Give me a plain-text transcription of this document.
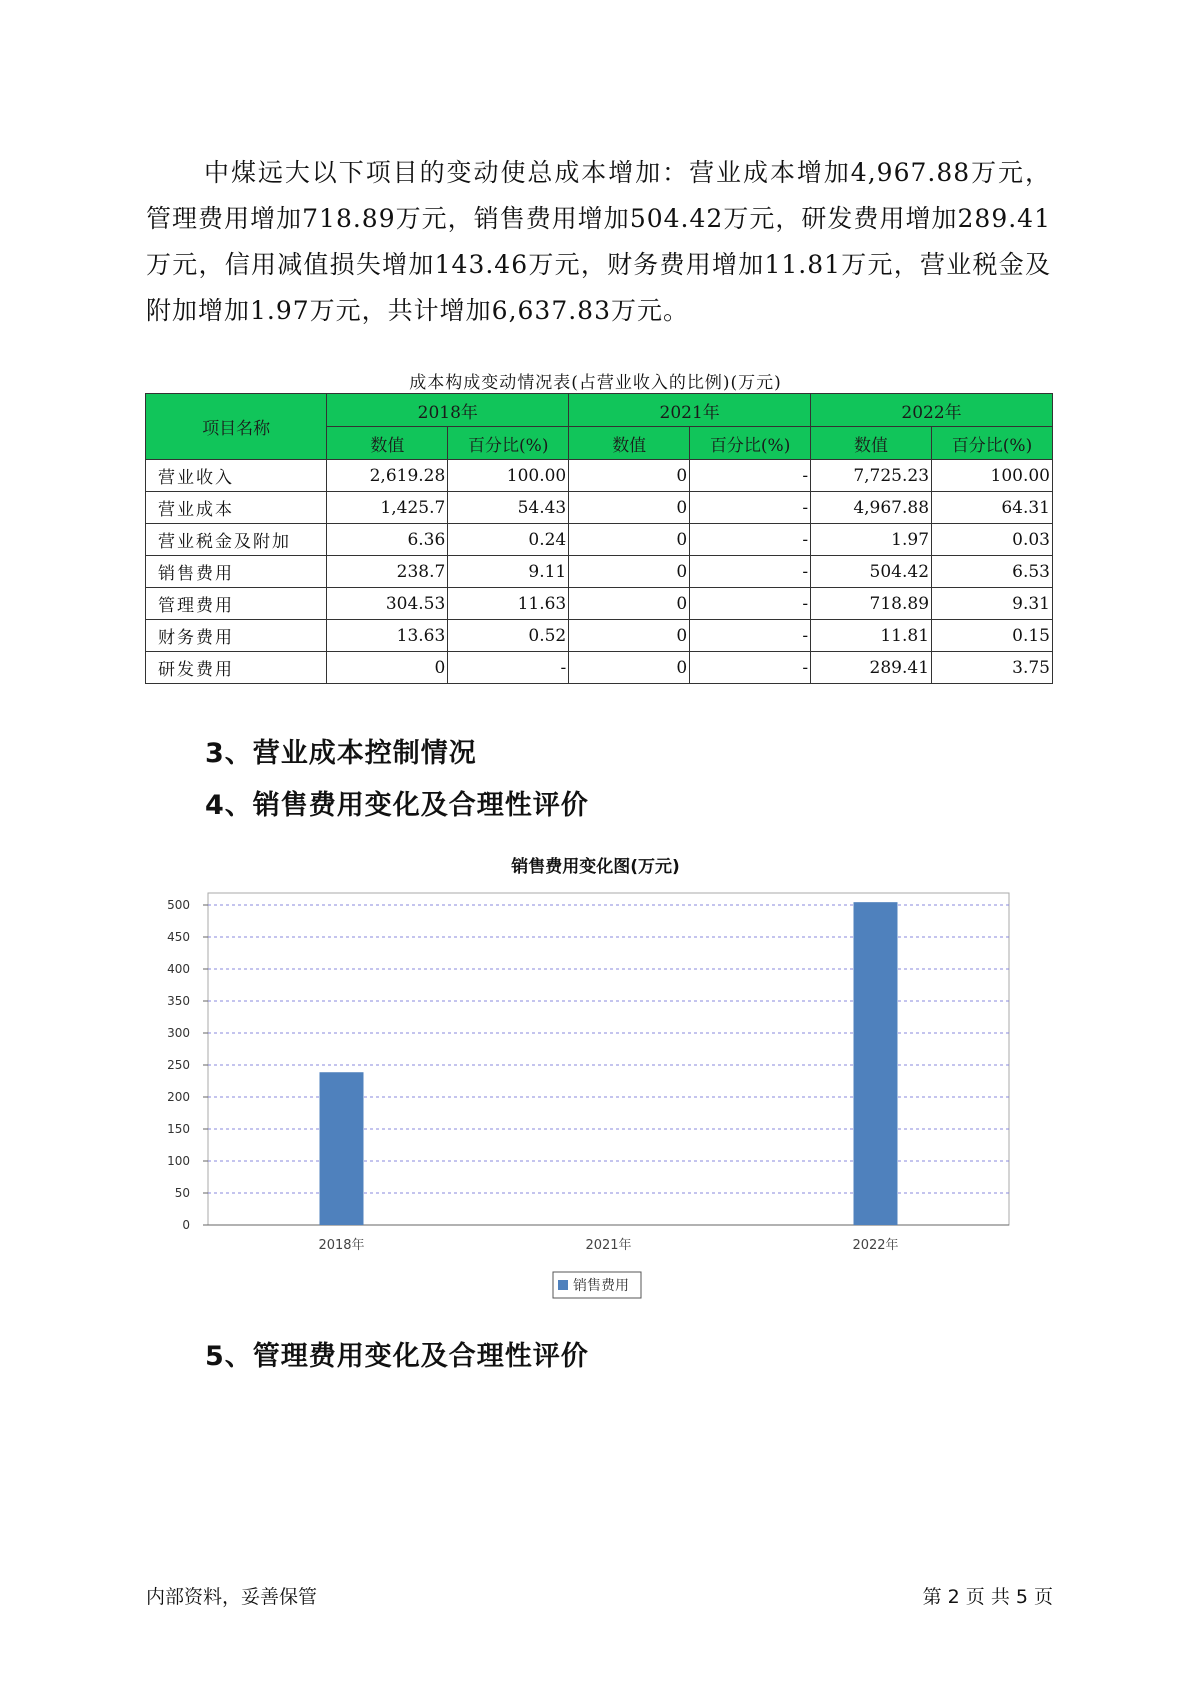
中煤远大以下项目的变动使总成本增加：营业成本增加4,967.88万元，管理费用增加718.89万元，销售费用增加504.42万元，研发费用增加289.41万元，信用减值损失增加143.46万元，财务费用增加11.81万元，营业税金及附加增加1.97万元，共计增加6,637.83万元。

成本构成变动情况表(占营业收入的比例)(万元)
项目名称	2018年		2021年		2022年	
	数值	百分比(%)	数值	百分比(%)	数值	百分比(%)
营业收入	2,619.28	100.00	0	-	7,725.23	100.00
营业成本	1,425.7	54.43	0	-	4,967.88	64.31
营业税金及附加	6.36	0.24	0	-	1.97	0.03
销售费用	238.7	9.11	0	-	504.42	6.53
管理费用	304.53	11.63	0	-	718.89	9.31
财务费用	13.63	0.52	0	-	11.81	0.15
研发费用	0	-	0	-	289.41	3.75
3、营业成本控制情况
4、销售费用变化及合理性评价
销售费用变化图(万元)
0
50
100
150
200
250
300
350
400
450
500
2018年	2021年	2022年
销售费用
5、管理费用变化及合理性评价
内部资料，妥善保管	第 2 页 共 5 页
